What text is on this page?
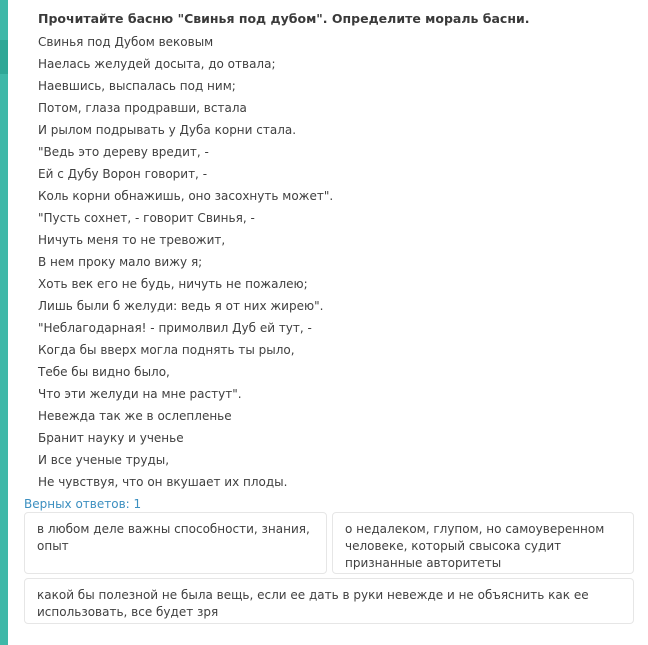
Прочитайте басню "Свинья под дубом". Определите мораль басни.
Свинья под Дубом вековым
Наелась желудей досыта, до отвала;
Наевшись, выспалась под ним;
Потом, глаза продравши, встала
И рылом подрывать у Дуба корни стала.
"Ведь это дереву вредит, -
Ей с Дубу Ворон говорит, -
Коль корни обнажишь, оно засохнуть может".
"Пусть сохнет, - говорит Свинья, -
Ничуть меня то не тревожит,
В нем проку мало вижу я;
Хоть век его не будь, ничуть не пожалею;
Лишь были б желуди: ведь я от них жирею".
"Неблагодарная! - примолвил Дуб ей тут, -
Когда бы вверх могла поднять ты рыло,
Тебе бы видно было,
Что эти желуди на мне растут".
Невежда так же в ослепленье
Бранит науку и ученье
И все ученые труды,
Не чувствуя, что он вкушает их плоды.
Верных ответов: 1
в любом деле важны способности, знания, опыт
о недалеком, глупом, но самоуверенном человеке, который свысока судит признанные авторитеты
какой бы полезной не была вещь, если ее дать в руки невежде и не объяснить как ее использовать, все будет зря
